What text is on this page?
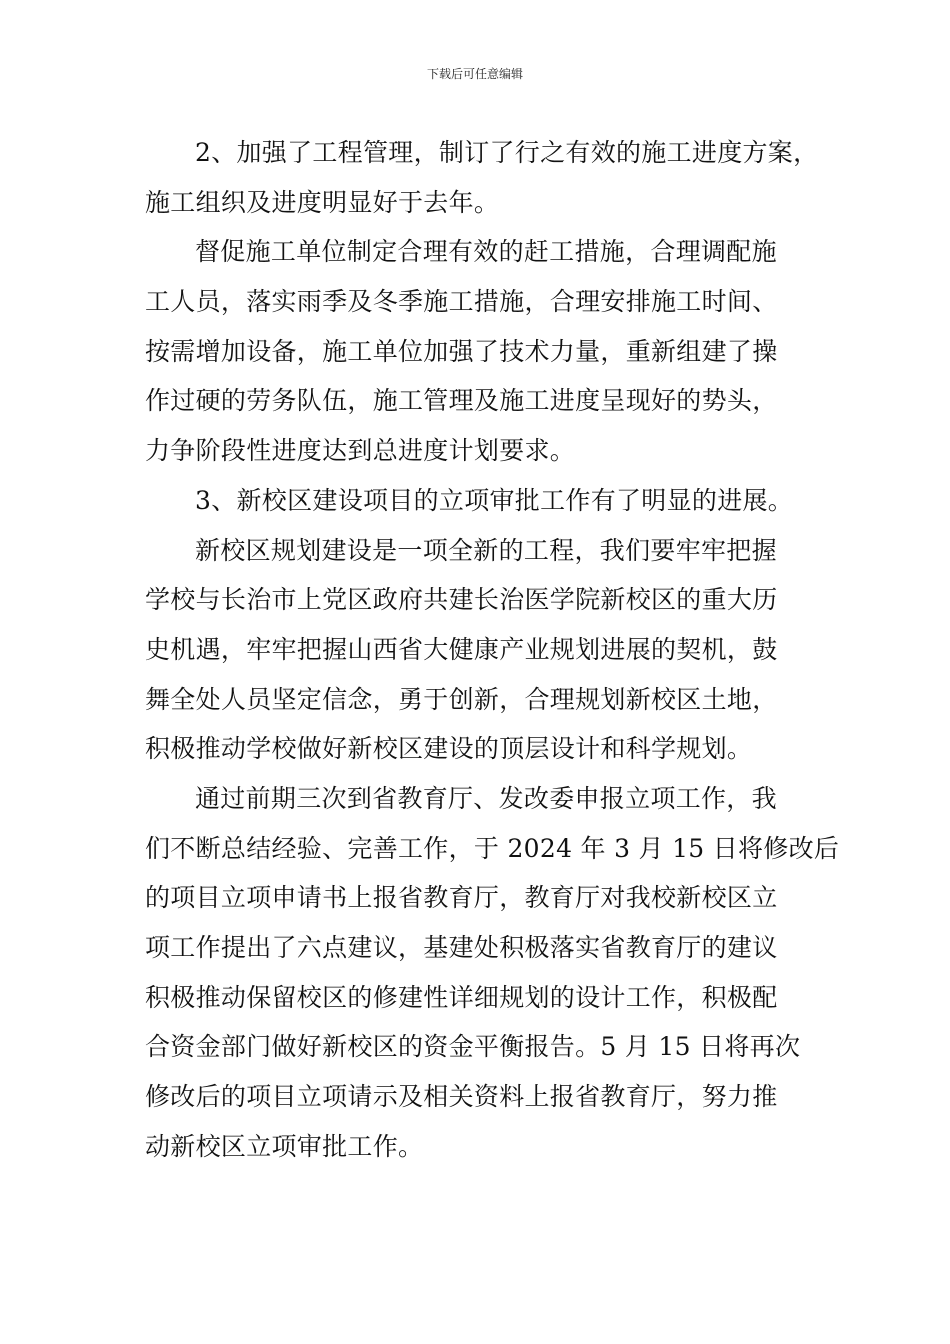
下载后可任意编辑
2、加强了工程管理，制订了行之有效的施工进度方案，
施工组织及进度明显好于去年。
督促施工单位制定合理有效的赶工措施，合理调配施
工人员，落实雨季及冬季施工措施，合理安排施工时间、
按需增加设备，施工单位加强了技术力量，重新组建了操
作过硬的劳务队伍，施工管理及施工进度呈现好的势头，
力争阶段性进度达到总进度计划要求。
3、新校区建设项目的立项审批工作有了明显的进展。
新校区规划建设是一项全新的工程，我们要牢牢把握
学校与长治市上党区政府共建长治医学院新校区的重大历
史机遇，牢牢把握山西省大健康产业规划进展的契机，鼓
舞全处人员坚定信念，勇于创新，合理规划新校区土地，
积极推动学校做好新校区建设的顶层设计和科学规划。
通过前期三次到省教育厅、发改委申报立项工作，我
们不断总结经验、完善工作，于 2024 年 3 月 15 日将修改后
的项目立项申请书上报省教育厅，教育厅对我校新校区立
项工作提出了六点建议，基建处积极落实省教育厅的建议
积极推动保留校区的修建性详细规划的设计工作，积极配
合资金部门做好新校区的资金平衡报告。5 月 15 日将再次
修改后的项目立项请示及相关资料上报省教育厅，努力推
动新校区立项审批工作。
